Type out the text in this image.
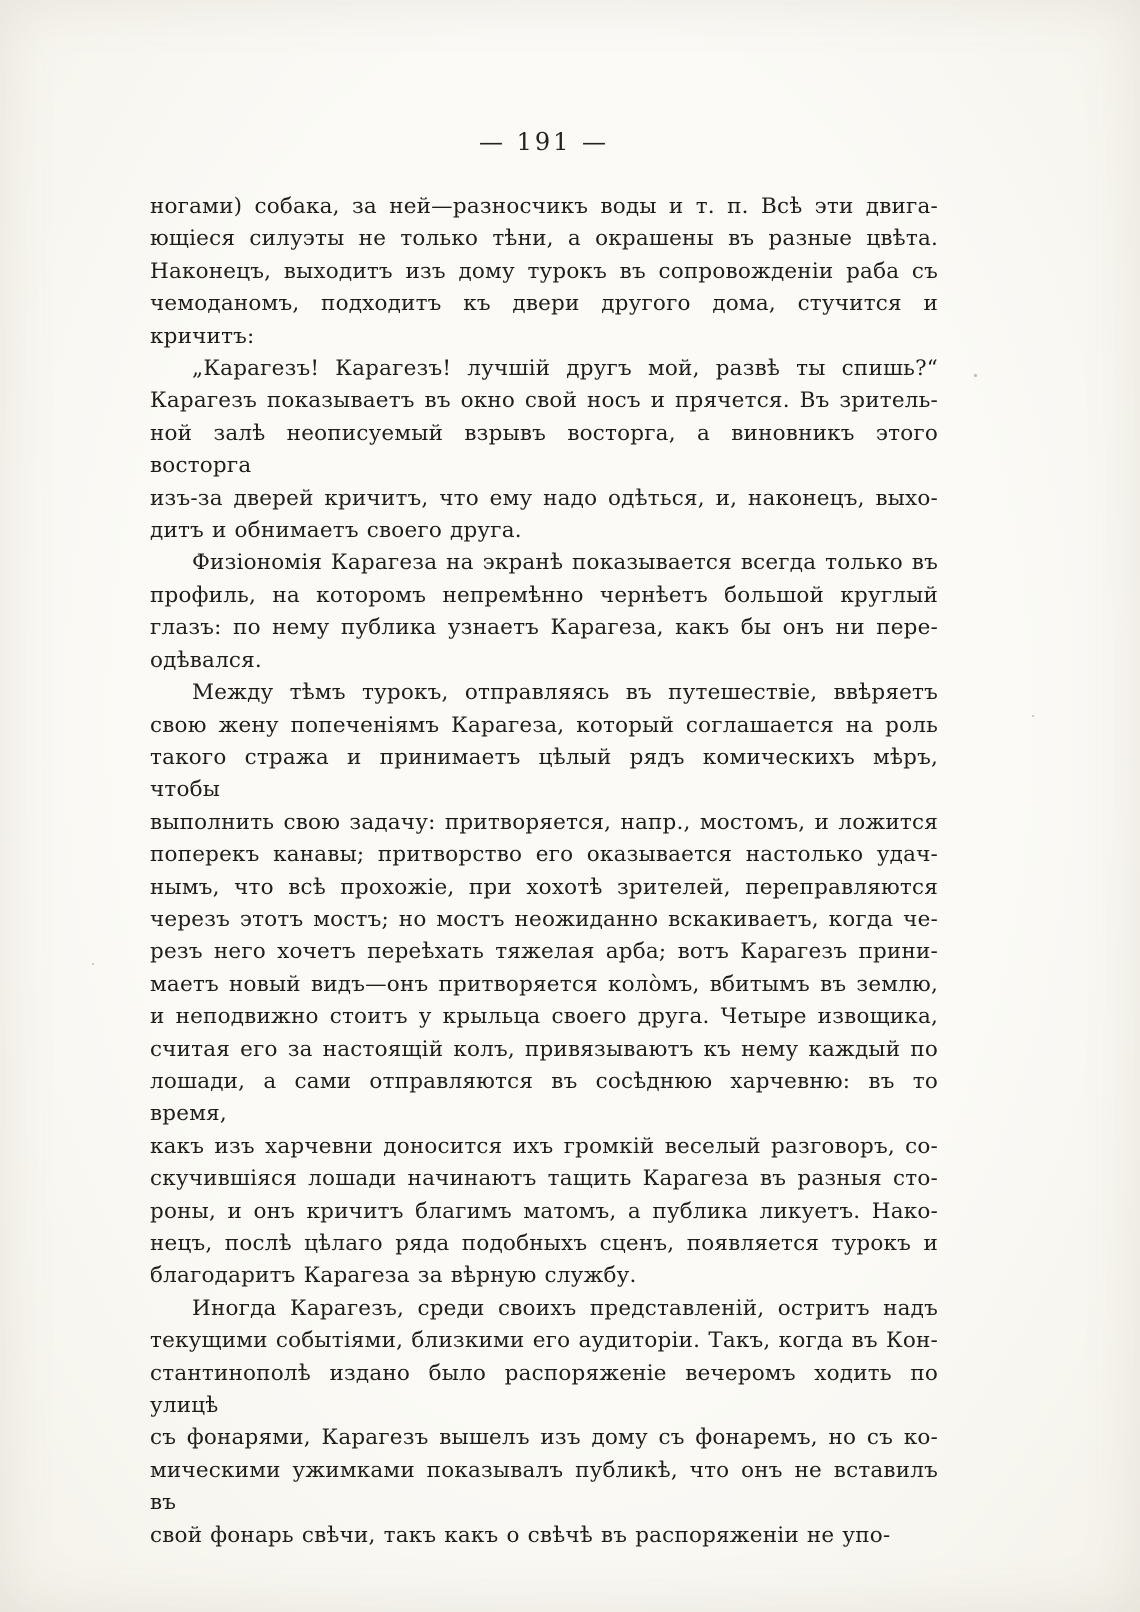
— 191 —
ногами) собака, за ней—разносчикъ воды и т. п. Всѣ эти двига-
ющіеся силуэты не только тѣни, а окрашены въ разные цвѣта.
Наконецъ, выходитъ изъ дому турокъ въ сопровожденіи раба съ
чемоданомъ, подходитъ къ двери другого дома, стучится и кричитъ:
„Карагезъ! Карагезъ! лучшій другъ мой, развѣ ты спишь?“
Карагезъ показываетъ въ окно свой носъ и прячется. Въ зритель-
ной залѣ неописуемый взрывъ восторга, а виновникъ этого восторга
изъ-за дверей кричитъ, что ему надо одѣться, и, наконецъ, выхо-
дитъ и обнимаетъ своего друга.
Физіономія Карагеза на экранѣ показывается всегда только въ
профиль, на которомъ непремѣнно чернѣетъ большой круглый
глазъ: по нему публика узнаетъ Карагеза, какъ бы онъ ни пере-
одѣвался.
Между тѣмъ турокъ, отправляясь въ путешествіе, ввѣряетъ
свою жену попеченіямъ Карагеза, который соглашается на роль
такого стража и принимаетъ цѣлый рядъ комическихъ мѣръ, чтобы
выполнить свою задачу: притворяется, напр., мостомъ, и ложится
поперекъ канавы; притворство его оказывается настолько удач-
нымъ, что всѣ прохожіе, при хохотѣ зрителей, переправляются
черезъ этотъ мостъ; но мостъ неожиданно вскакиваетъ, когда че-
резъ него хочетъ переѣхать тяжелая арба; вотъ Карагезъ прини-
маетъ новый видъ—онъ притворяется колòмъ, вбитымъ въ землю,
и неподвижно стоитъ у крыльца своего друга. Четыре извощика,
считая его за настоящій колъ, привязываютъ къ нему каждый по
лошади, а сами отправляются въ сосѣднюю харчевню: въ то время,
какъ изъ харчевни доносится ихъ громкій веселый разговоръ, со-
скучившіяся лошади начинаютъ тащить Карагеза въ разныя сто-
роны, и онъ кричитъ благимъ матомъ, а публика ликуетъ. Нако-
нецъ, послѣ цѣлаго ряда подобныхъ сценъ, появляется турокъ и
благодаритъ Карагеза за вѣрную службу.
Иногда Карагезъ, среди своихъ представленій, остритъ надъ
текущими событіями, близкими его аудиторіи. Такъ, когда въ Кон-
стантинополѣ издано было распоряженіе вечеромъ ходить по улицѣ
съ фонарями, Карагезъ вышелъ изъ дому съ фонаремъ, но съ ко-
мическими ужимками показывалъ публикѣ, что онъ не вставилъ въ
свой фонарь свѣчи, такъ какъ о свѣчѣ въ распоряженіи не упо-
